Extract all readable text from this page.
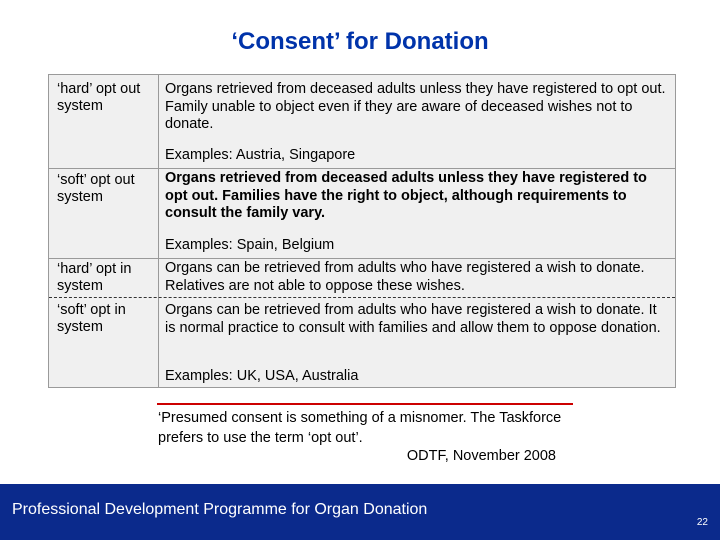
‘Consent’ for Donation
‘hard’ opt out system
Organs retrieved from deceased adults unless they have registered to opt out. Family unable to object even if they are aware of deceased wishes not to donate.
Examples: Austria, Singapore
‘soft’ opt out system
Organs retrieved from deceased adults unless they have registered to opt out. Families have the right to object, although requirements to consult the family vary.
Examples: Spain, Belgium
‘hard’ opt in system
Organs can be retrieved from adults who have registered a wish to donate. Relatives are not able to oppose these wishes.
‘soft’ opt in system
Organs can be retrieved from adults who have registered a wish to donate. It is normal practice to consult with families and allow them to oppose donation.
Examples: UK, USA, Australia
‘Presumed consent is something of a misnomer. The Taskforce prefers to use the term ‘opt out’.
ODTF, November 2008
Professional Development Programme for Organ Donation
22
